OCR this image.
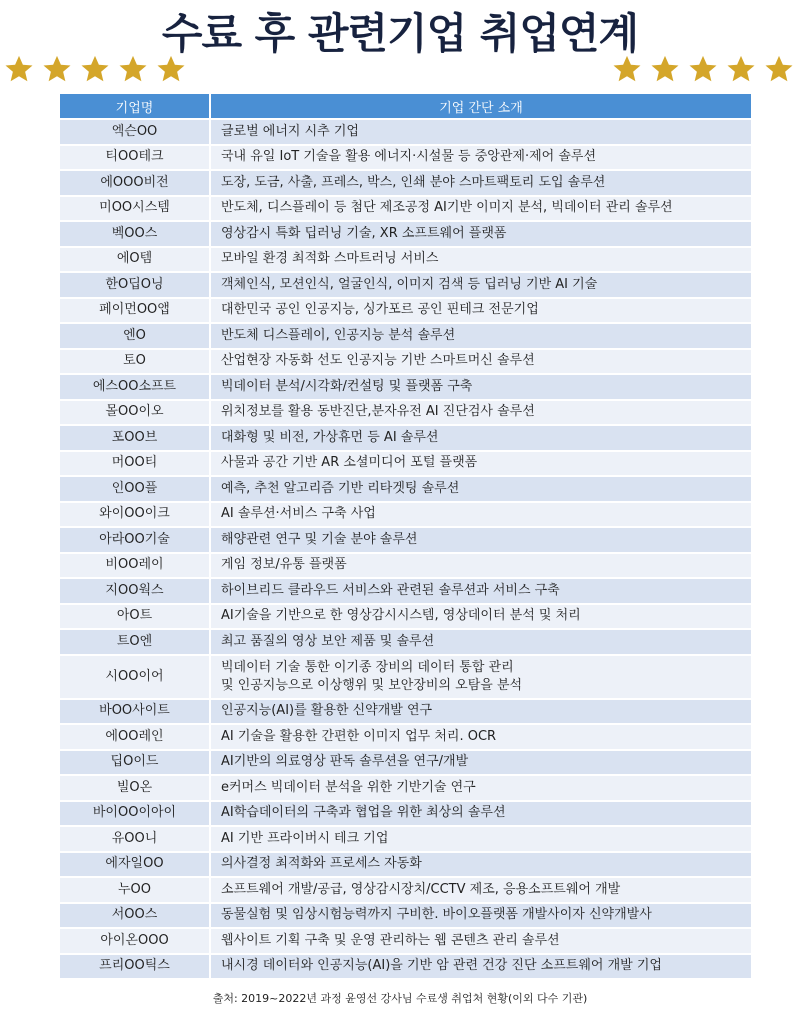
수료 후 관련기업 취업연계
기업명	기업 간단 소개
엑슨OO	글로벌 에너지 시추 기업
티OO테크	국내 유일 IoT 기술을 활용 에너지·시설물 등 중앙관제·제어 솔루션
에OOO비전	도장, 도금, 사출, 프레스, 박스, 인쇄 분야 스마트팩토리 도입 솔루션
미OO시스템	반도체, 디스플레이 등 첨단 제조공정 AI기반 이미지 분석, 빅데이터 관리 솔루션
벡OO스	영상감시 특화 딥러닝 기술, XR 소프트웨어 플랫폼
에O템	모바일 환경 최적화 스마트러닝 서비스
한O딥O닝	객체인식, 모션인식, 얼굴인식, 이미지 검색 등 딥러닝 기반 AI 기술
페이먼OO앱	대한민국 공인 인공지능, 싱가포르 공인 핀테크 전문기업
엔O	반도체 디스플레이, 인공지능 분석 솔루션
토O	산업현장 자동화 선도 인공지능 기반 스마트머신 솔루션
에스OO소프트	빅데이터 분석/시각화/컨설팅 및 플랫폼 구축
몰OO이오	위치정보를 활용 동반진단,분자유전 AI 진단검사 솔루션
포OO브	대화형 및 비전, 가상휴먼 등 AI 솔루션
머OO티	사물과 공간 기반 AR 소셜미디어 포털 플랫폼
인OO플	예측, 추천 알고리즘 기반 리타겟팅 솔루션
와이OO이크	AI 솔루션·서비스 구축 사업
아라OO기술	해양관련 연구 및 기술 분야 솔루션
비OO레이	게임 정보/유통 플랫폼
지OO웍스	하이브리드 클라우드 서비스와 관련된 솔루션과 서비스 구축
아O트	AI기술을 기반으로 한 영상감시시스템, 영상데이터 분석 및 처리
트O엔	최고 품질의 영상 보안 제품 및 솔루션
시OO이어	빅데이터 기술 통한 이기종 장비의 데이터 통합 관리
및 인공지능으로 이상행위 및 보안장비의 오탐을 분석
바OO사이트	인공지능(AI)를 활용한 신약개발 연구
에OO레인	AI 기술을 활용한 간편한 이미지 업무 처리. OCR
딥O이드	AI기반의 의료영상 판독 솔루션을 연구/개발
빌O온	e커머스 빅데이터 분석을 위한 기반기술 연구
바이OO이아이	AI학습데이터의 구축과 협업을 위한 최상의 솔루션
유OO니	AI 기반 프라이버시 테크 기업
에자일OO	의사결정 최적화와 프로세스 자동화
누OO	소프트웨어 개발/공급, 영상감시장치/CCTV 제조, 응용소프트웨어 개발
서OO스	동물실험 및 임상시험능력까지 구비한. 바이오플랫폼 개발사이자 신약개발사
아이온OOO	웹사이트 기획 구축 및 운영 관리하는 웹 콘텐츠 관리 솔루션
프리OO틱스	내시경 데이터와 인공지능(AI)을 기반 암 관련 건강 진단 소프트웨어 개발 기업
출처: 2019~2022년 과정 윤영선 강사님 수료생 취업처 현황(이외 다수 기관)
